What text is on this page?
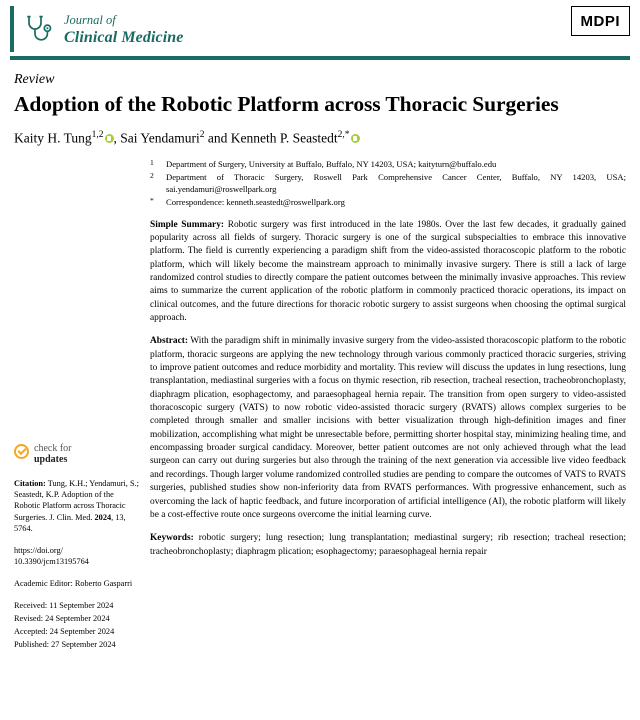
Journal of
Clinical Medicine
MDPI
Review
Adoption of the Robotic Platform across Thoracic Surgeries
Kaity H. Tung$^{1,2}$ , Sai Yendamuri$^2$ and Kenneth P. Seastedt$^{2,*}$
check for
updates
Citation: Tung, K.H.; Yendamuri, S.; Seastedt, K.P. Adoption of the Robotic Platform across Thoracic Surgeries. J. Clin. Med. 2024, 13, 5764.
https://doi.org/
10.3390/jcm13195764
Academic Editor: Roberto Gasparri
Received: 11 September 2024
Revised: 24 September 2024
Accepted: 24 September 2024
Published: 27 September 2024
1	Department of Surgery, University at Buffalo, Buffalo, NY 14203, USA; kaityturn@buffalo.edu
2	Department of Thoracic Surgery, Roswell Park Comprehensive Cancer Center, Buffalo, NY 14203, USA; sai.yendamuri@roswellpark.org
*	Correspondence: kenneth.seastedt@roswellpark.org

Simple Summary: Robotic surgery was first introduced in the late 1980s. Over the last few decades, it gradually gained popularity across all fields of surgery. Thoracic surgery is one of the surgical subspecialties to embrace this innovative platform. The field is currently experiencing a paradigm shift from the video-assisted thoracoscopic platform to the robotic platform, which will likely become the mainstream approach to minimally invasive surgery. There is still a lack of large randomized control studies to directly compare the patient outcomes between the minimally invasive approaches. This review aims to summarize the current application of the robotic platform in commonly practiced thoracic operations, its impact on clinical outcomes, and the future directions for thoracic robotic surgery to assist surgeons when choosing the optimal surgical approach.

Abstract: With the paradigm shift in minimally invasive surgery from the video-assisted thoracoscopic platform to the robotic platform, thoracic surgeons are applying the new technology through various commonly practiced thoracic surgeries, striving to improve patient outcomes and reduce morbidity and mortality. This review will discuss the updates in lung resections, lung transplantation, mediastinal surgeries with a focus on thymic resection, rib resection, tracheal resection, tracheobronchoplasty, diaphragm plication, esophagectomy, and paraesophageal hernia repair. The transition from open surgery to video-assisted thoracoscopic surgery (VATS) to now robotic video-assisted thoracic surgery (RVATS) allows complex surgeries to be completed through smaller and smaller incisions with better visualization through high-definition images and finer mobilization, accomplishing what might be unresectable before, permitting shorter hospital stay, minimizing healing time, and encompassing broader surgical candidacy. Moreover, better patient outcomes are not only achieved through what the lead surgeon can carry out during surgeries but also through the training of the next generation via accessible live video feedback and recordings. Though larger volume randomized controlled studies are pending to compare the outcomes of VATS to RVATS surgeries, published studies show non-inferiority data from RVATS performances. With progressive enhancement, such as overcoming the lack of haptic feedback, and future incorporation of artificial intelligence (AI), the robotic platform will likely be a cost-effective route once surgeons overcome the initial learning curve.

Keywords: robotic surgery; lung resection; lung transplantation; mediastinal surgery; rib resection; tracheal resection; tracheobronchoplasty; diaphragm plication; esophagectomy; paraesophageal hernia repair
